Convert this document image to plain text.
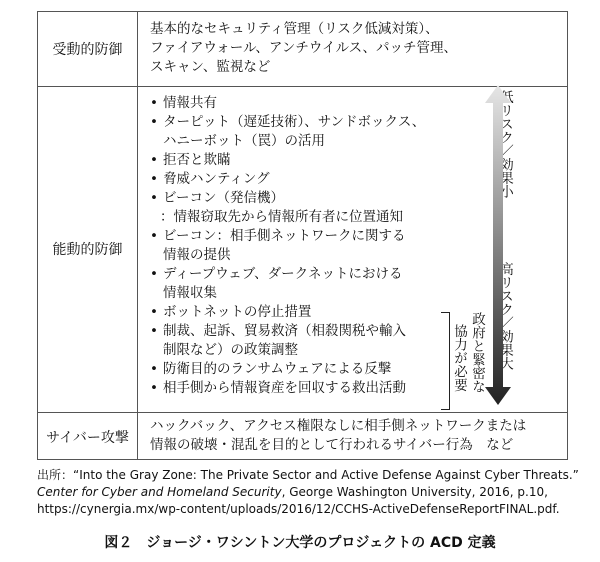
受動的防御
基本的なセキュリティ管理（リスク低減対策）、
ファイアウォール、アンチウイルス、パッチ管理、
スキャン、監視など
能動的防御
• 情報共有
• ターピット（遅延技術）、サンドボックス、
ハニーボット（罠）の活用
• 拒否と欺瞞
• 脅威ハンティング
• ビーコン（発信機）
：情報窃取先から情報所有者に位置通知
• ビーコン：相手側ネットワークに関する
情報の提供
• ディープウェブ、ダークネットにおける
情報収集
• ボットネットの停止措置
• 制裁、起訴、貿易救済（相殺関税や輸入
制限など）の政策調整
• 防衛目的のランサムウェアによる反撃
• 相手側から情報資産を回収する救出活動	政府と緊密な
協力が必要
低リスク／効果小
高リスク／効果大
サイバー攻撃
ハックバック、アクセス権限なしに相手側ネットワークまたは
情報の破壊・混乱を目的として行われるサイバー行為　など
出所：“Into the Gray Zone: The Private Sector and Active Defense Against Cyber Threats.”
Center for Cyber and Homeland Security, George Washington University, 2016, p.10,
https://cynergia.mx/wp-content/uploads/2016/12/CCHS-ActiveDefenseReportFINAL.pdf.
図２　ジョージ・ワシントン大学のプロジェクトの ACD 定義
